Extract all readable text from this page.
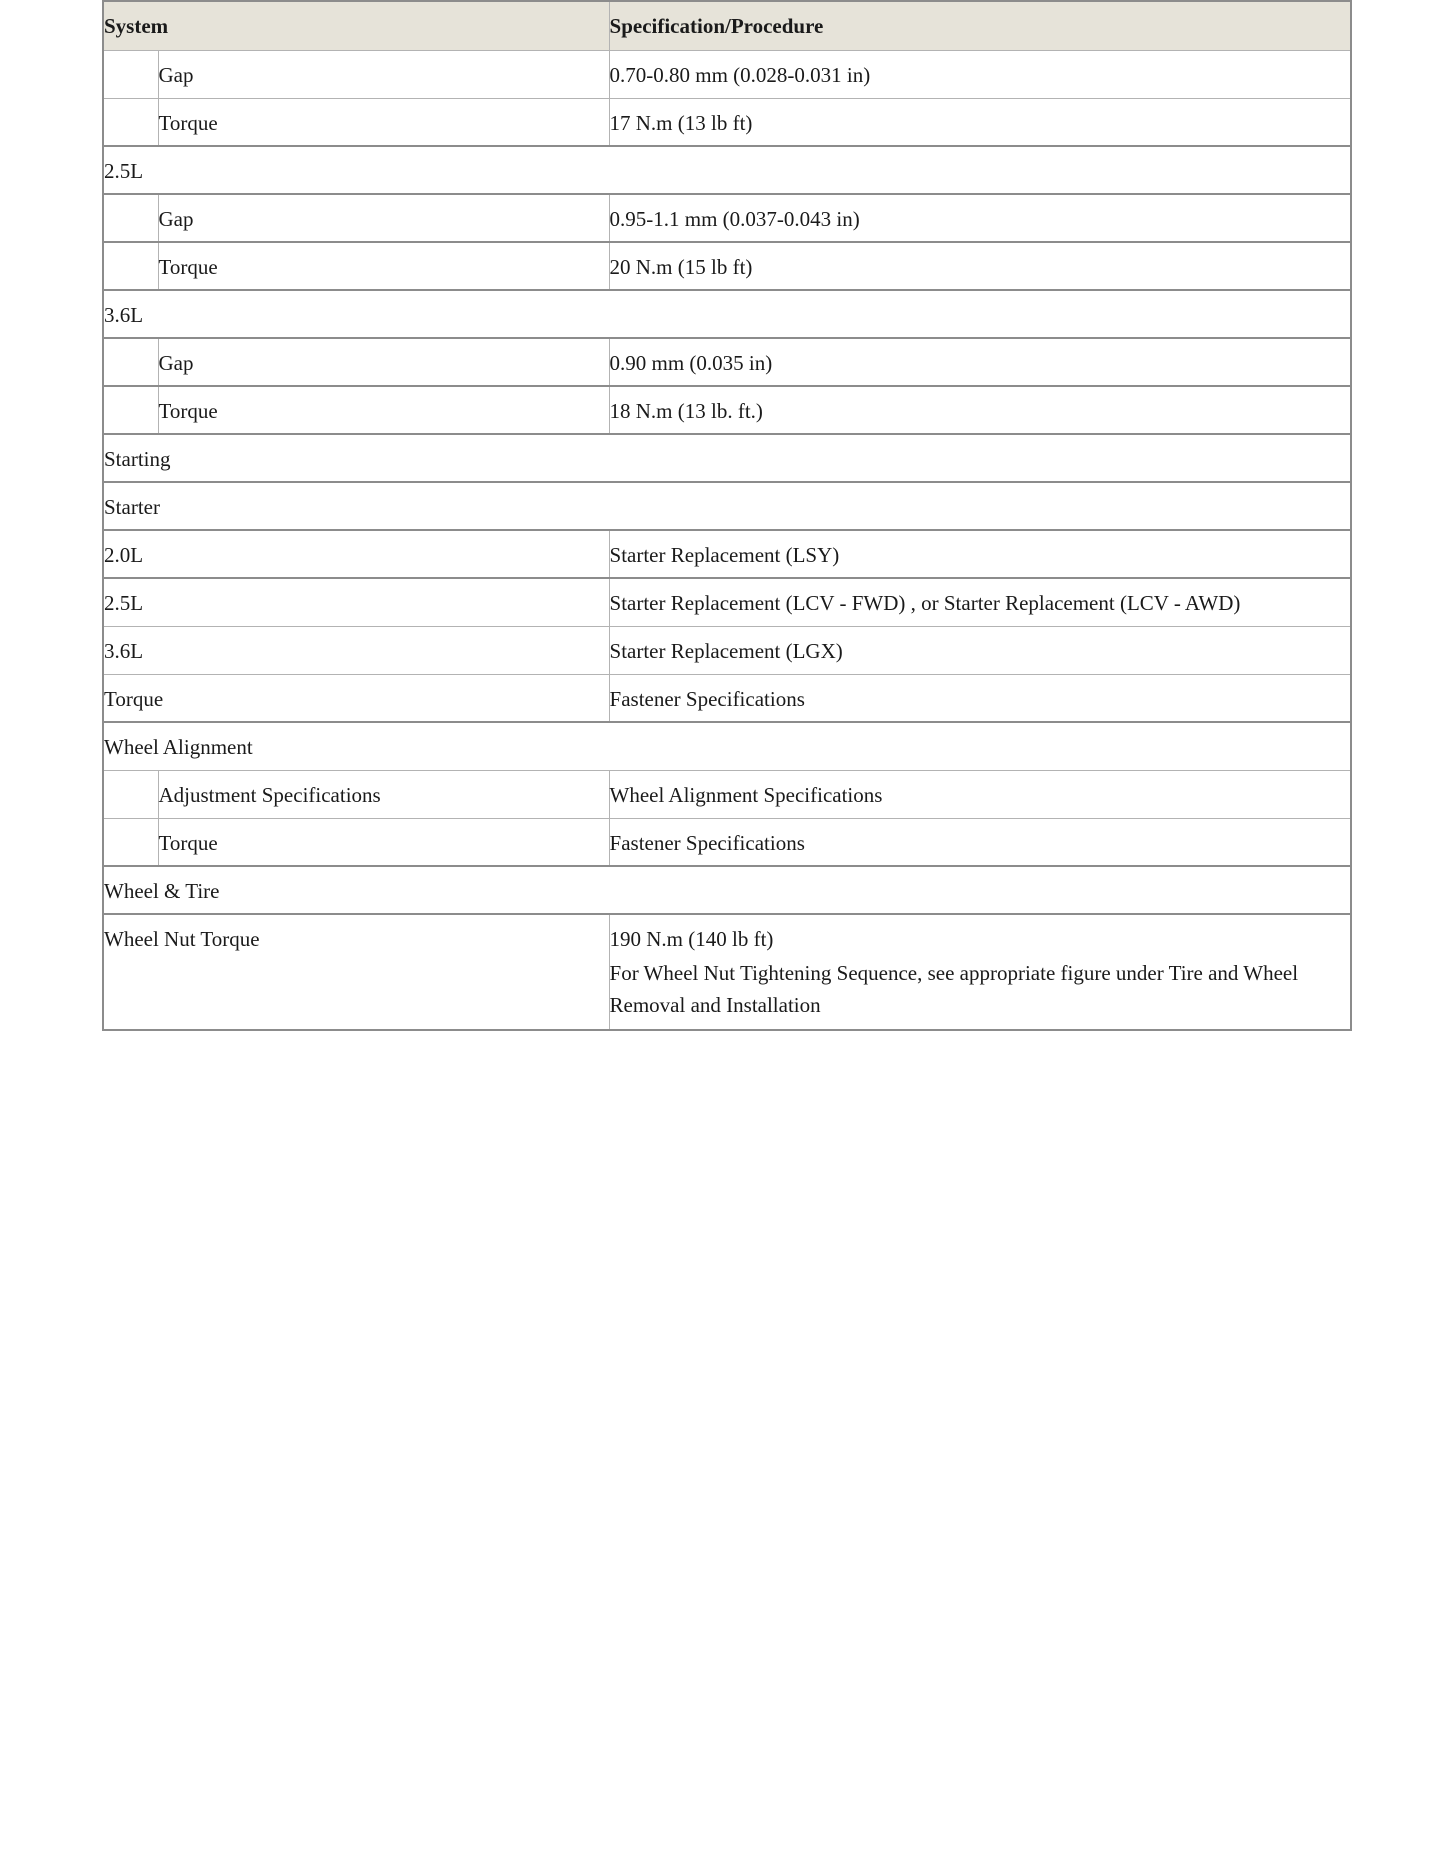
System		Specification/Procedure
	Gap	0.70-0.80 mm (0.028-0.031 in)
	Torque	17 N.m (13 lb ft)
2.5L		
	Gap	0.95-1.1 mm (0.037-0.043 in)
	Torque	20 N.m (15 lb ft)
3.6L		
	Gap	0.90 mm (0.035 in)
	Torque	18 N.m (13 lb. ft.)
Starting		
Starter		
2.0L		Starter Replacement (LSY)
2.5L		Starter Replacement (LCV - FWD) , or Starter Replacement (LCV - AWD)
3.6L		Starter Replacement (LGX)
Torque		Fastener Specifications
Wheel Alignment		
	Adjustment Specifications	Wheel Alignment Specifications
	Torque	Fastener Specifications
Wheel & Tire		
Wheel Nut Torque		190 N.m (140 lb ft)
For Wheel Nut Tightening Sequence, see appropriate figure under Tire and Wheel Removal and Installation
